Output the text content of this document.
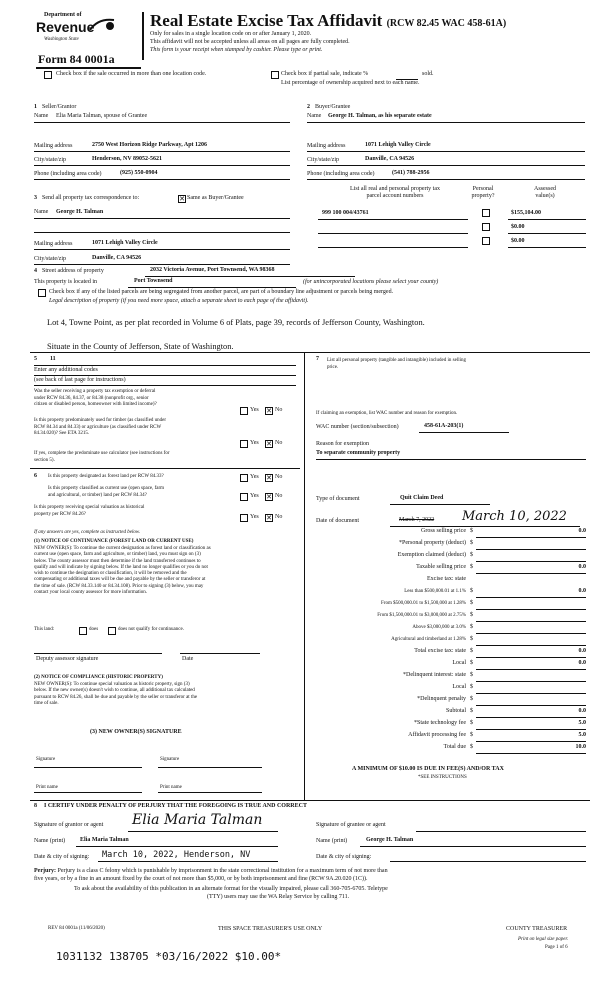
Department of
Revenue
Washington State
Real Estate Excise Tax Affidavit (RCW 82.45 WAC 458-61A)
Only for sales in a single location code on or after January 1, 2020.
This affidavit will not be accepted unless all areas on all pages are fully completed.
This form is your receipt when stamped by cashier. Please type or print.
Form 84 0001a
Check box if the sale occurred in more than one location code.	Check box if partial sale, indicate %	sold.
List percentage of ownership acquired next to each name.
1 Seller/Grantor
Name Elia Maria Talman, spouse of Grantee
Mailing address	2750 West Horizon Ridge Parkway, Apt 1206
City/state/zip	Henderson, NV 89052-5621
Phone (including area code)	(925) 550-0904
2 Buyer/Grantee
Name George H. Talman, as his separate estate
Mailing address	1071 Lehigh Valley Circle
City/state/zip	Danville, CA 94526
Phone (including area code)	(541) 788-2956
3 Send all property tax correspondence to:	✕ Same as Buyer/Grantee
Name George H. Talman
Mailing address	1071 Lehigh Valley Circle
City/state/zip	Danville, CA 94526
List all real and personal property tax
parcel account numbers
Personal
property?
Assessed
value(s)
999 100 004/43761	$155,104.00
$0.00
$0.00
4 Street address of property	2032 Victoria Avenue, Port Townsend, WA 98368
This property is located in	Port Townsend	(for unincorporated locations please select your county)
Check box if any of the listed parcels are being segregated from another parcel, are part of a boundary line adjustment or parcels being merged.
Legal description of property (if you need more space, attach a separate sheet to each page of the affidavit).
Lot 4, Towne Point, as per plat recorded in Volume 6 of Plats, page 39, records of Jefferson County, Washington.
Situate in the County of Jefferson, State of Washington.
5 11
Enter any additional codes
(see back of last page for instructions)
Was the seller receiving a property tax exemption or deferral
under RCW 84.36, 84.37, or 84.38 (nonprofit org., senior
citizen or disabled person, homeowner with limited income)?
Yes ✕ No
Is this property predominately used for timber (as classified under
RCW 84.34 and 84.33) or agriculture (as classified under RCW
84.34.020)? See ETA 3215.
Yes ✕ No
If yes, complete the predominate use calculator (see instructions for
section 5).
6 Is this property designated as forest land per RCW 84.33?	Yes ✕ No
Is this property classified as current use (open space, farm
and agricultural, or timber) land per RCW 84.34?	Yes ✕ No
Is this property receiving special valuation as historical
property per RCW 84.26?	Yes ✕ No
If any answers are yes, complete as instructed below.
(1) NOTICE OF CONTINUANCE (FOREST LAND OR CURRENT USE)
NEW OWNER(S): To continue the current designation as forest land or classification as
current use (open space, farm and agriculture, or timber) land, you must sign on (3)
below. The county assessor must then determine if the land transferred continues to
qualify and will indicate by signing below. If the land no longer qualifies or you do not
wish to continue the designation or classification, it will be removed and the
compensating or additional taxes will be due and payable by the seller or transferor at
the time of sale. (RCW 84.33.140 or 84.34.108). Prior to signing (3) below, you may
contact your local county assessor for more information.
This land:	does	does not qualify for continuance.
Deputy assessor signature	Date
(2) NOTICE OF COMPLIANCE (HISTORIC PROPERTY)
NEW OWNER(S): To continue special valuation as historic property, sign (3)
below. If the new owner(s) doesn't wish to continue, all additional tax calculated
pursuant to RCW 84.26, shall be due and payable by the seller or transferor at the
time of sale.
(3) NEW OWNER(S) SIGNATURE
Signature	Signature
Print name	Print name
7 List all personal property (tangible and intangible) included in selling
price.
If claiming an exemption, list WAC number and reason for exemption.
WAC number (section/subsection)	458-61A-203(1)
Reason for exemption
To separate community property
Type of document	Quit Claim Deed
Date of document	March 7, 2022 March 10, 2022
Gross selling price $	0.0
*Personal property (deduct) $
Exemption claimed (deduct) $
Taxable selling price $	0.0
Excise tax: state
Less than $500,000.01 at 1.1% $	0.0
From $500,000.01 to $1,500,000 at 1.28% $
From $1,500,000.01 to $3,000,000 at 2.75% $
Above $3,000,000 at 3.0% $
Agricultural and timberland at 1.28% $
Total excise tax: state $	0.0
Local $	0.0
*Delinquent interest: state $
Local $
*Delinquent penalty $
Subtotal $	0.0
*State technology fee $	5.0
Affidavit processing fee $	5.0
Total due $	10.0
A MINIMUM OF $10.00 IS DUE IN FEE(S) AND/OR TAX
*SEE INSTRUCTIONS
8 I CERTIFY UNDER PENALTY OF PERJURY THAT THE FOREGOING IS TRUE AND CORRECT
Signature of grantor or agent Elia Maria Talman	Signature of grantee or agent
Name (print) Elia Maria Talman	Name (print)	George H. Talman
Date & city of signing: March 10, 2022, Henderson, NV	Date & city of signing:
Perjury: Perjury is a class C felony which is punishable by imprisonment in the state correctional institution for a maximum term of not more than
five years, or by a fine in an amount fixed by the court of not more than $5,000, or by both imprisonment and fine (RCW 9A.20.020 (1C)).
To ask about the availability of this publication in an alternate format for the visually impaired, please call 360-705-6705. Teletype
(TTY) users may use the WA Relay Service by calling 711.
REV 84 0001a (11/06/2020)	THIS SPACE TREASURER'S USE ONLY	COUNTY TREASURER
Print on legal size paper.
Page 1 of 6
1031132 138705 *03/16/2022 $10.00*
